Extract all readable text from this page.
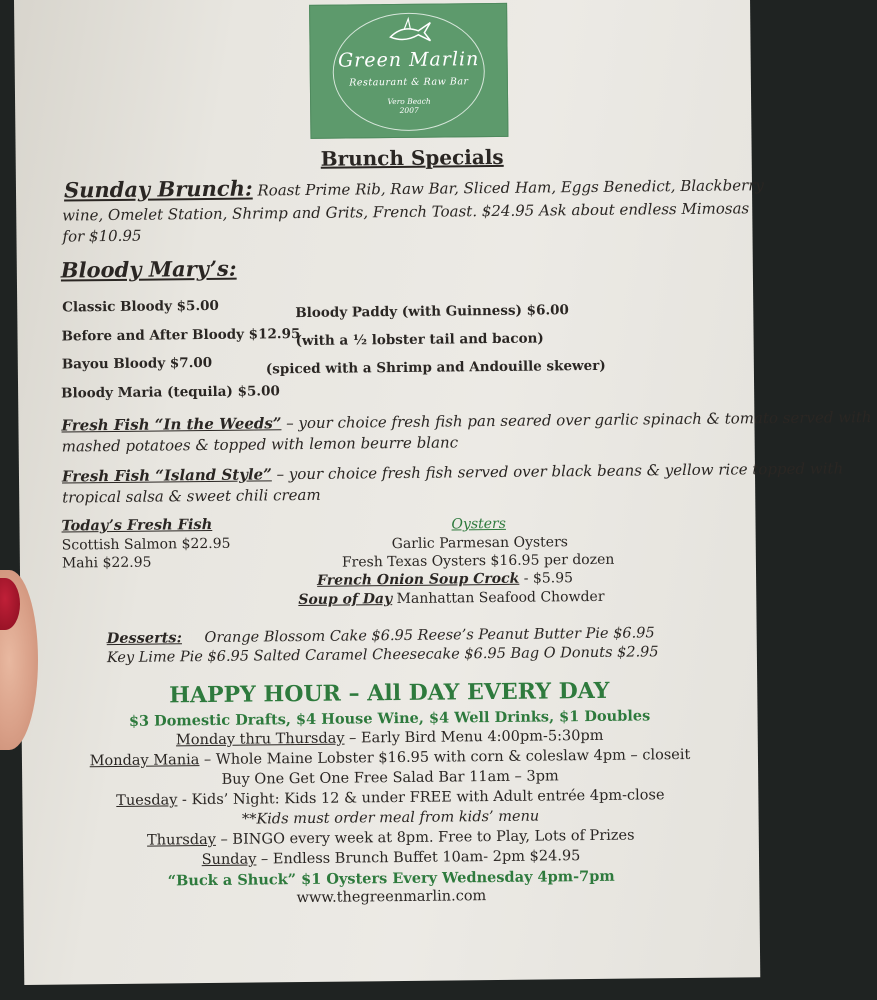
Green Marlin
Restaurant & Raw Bar
Vero Beach
2007
Brunch Specials
Sunday Brunch: Roast Prime Rib, Raw Bar, Sliced Ham, Eggs Benedict, Blackberry
wine, Omelet Station, Shrimp and Grits, French Toast. $24.95 Ask about endless Mimosas
for $10.95
Bloody Mary’s:
Classic Bloody $5.00	Bloody Paddy (with Guinness) $6.00
Before and After Bloody $12.95
(with a ½ lobster tail and bacon)
Bayou Bloody $7.00	(spiced with a Shrimp and Andouille skewer)
Bloody Maria (tequila) $5.00
Fresh Fish “In the Weeds” – your choice fresh fish pan seared over garlic spinach & tomato served with
mashed potatoes & topped with lemon beurre blanc
Fresh Fish “Island Style” – your choice fresh fish served over black beans & yellow rice topped with
tropical salsa & sweet chili cream
Today’s Fresh Fish
Scottish Salmon $22.95
Mahi $22.95
Oysters
Garlic Parmesan Oysters
Fresh Texas Oysters $16.95 per dozen
French Onion Soup Crock - $5.95
Soup of Day Manhattan Seafood Chowder
Desserts: Orange Blossom Cake $6.95 Reese’s Peanut Butter Pie $6.95
Key Lime Pie $6.95 Salted Caramel Cheesecake $6.95 Bag O Donuts $2.95
HAPPY HOUR – All DAY EVERY DAY
$3 Domestic Drafts, $4 House Wine, $4 Well Drinks, $1 Doubles
Monday thru Thursday – Early Bird Menu 4:00pm-5:30pm
Monday Mania – Whole Maine Lobster $16.95 with corn & coleslaw 4pm – closeit
Buy One Get One Free Salad Bar 11am – 3pm
Tuesday - Kids’ Night: Kids 12 & under FREE with Adult entrée 4pm-close
**Kids must order meal from kids’ menu
Thursday – BINGO every week at 8pm. Free to Play, Lots of Prizes
Sunday – Endless Brunch Buffet 10am- 2pm $24.95
“Buck a Shuck” $1 Oysters Every Wednesday 4pm-7pm
www.thegreenmarlin.com
